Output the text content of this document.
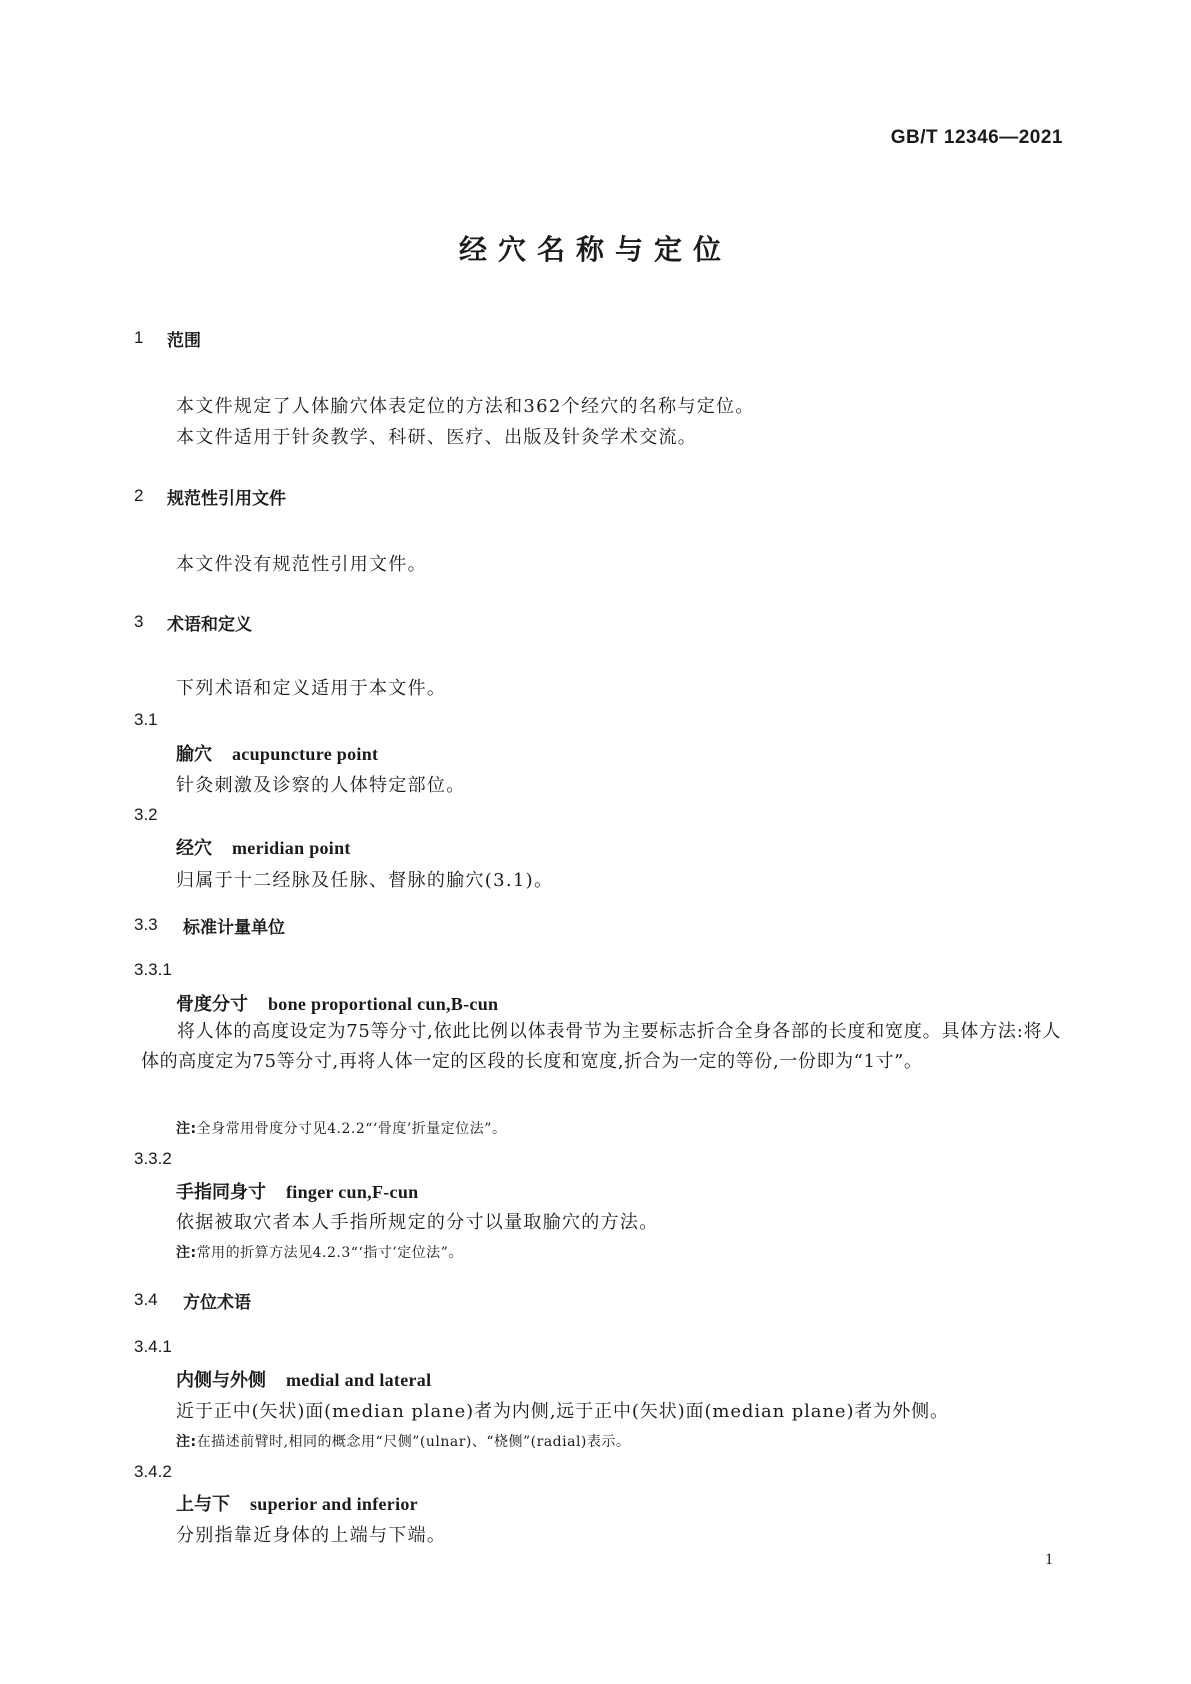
GB/T 12346—2021
经穴名称与定位
1 范围
本文件规定了人体腧穴体表定位的方法和362个经穴的名称与定位。
本文件适用于针灸教学、科研、医疗、出版及针灸学术交流。
2 规范性引用文件
本文件没有规范性引用文件。
3 术语和定义
下列术语和定义适用于本文件。
3.1
腧穴 acupuncture point
针灸刺激及诊察的人体特定部位。
3.2
经穴 meridian point
归属于十二经脉及任脉、督脉的腧穴(3.1)。
3.3 标准计量单位
3.3.1
骨度分寸 bone proportional cun,B-cun
将人体的高度设定为75等分寸,依此比例以体表骨节为主要标志折合全身各部的长度和宽度。具体方法:将人体的高度定为75等分寸,再将人体一定的区段的长度和宽度,折合为一定的等份,一份即为“1寸”。
注:全身常用骨度分寸见4.2.2“‘骨度’折量定位法”。
3.3.2
手指同身寸 finger cun,F-cun
依据被取穴者本人手指所规定的分寸以量取腧穴的方法。
注:常用的折算方法见4.2.3“‘指寸’定位法”。
3.4 方位术语
3.4.1
内侧与外侧 medial and lateral
近于正中(矢状)面(median plane)者为内侧,远于正中(矢状)面(median plane)者为外侧。
注:在描述前臂时,相同的概念用“尺侧”(ulnar)、“桡侧”(radial)表示。
3.4.2
上与下 superior and inferior
分别指靠近身体的上端与下端。
1
